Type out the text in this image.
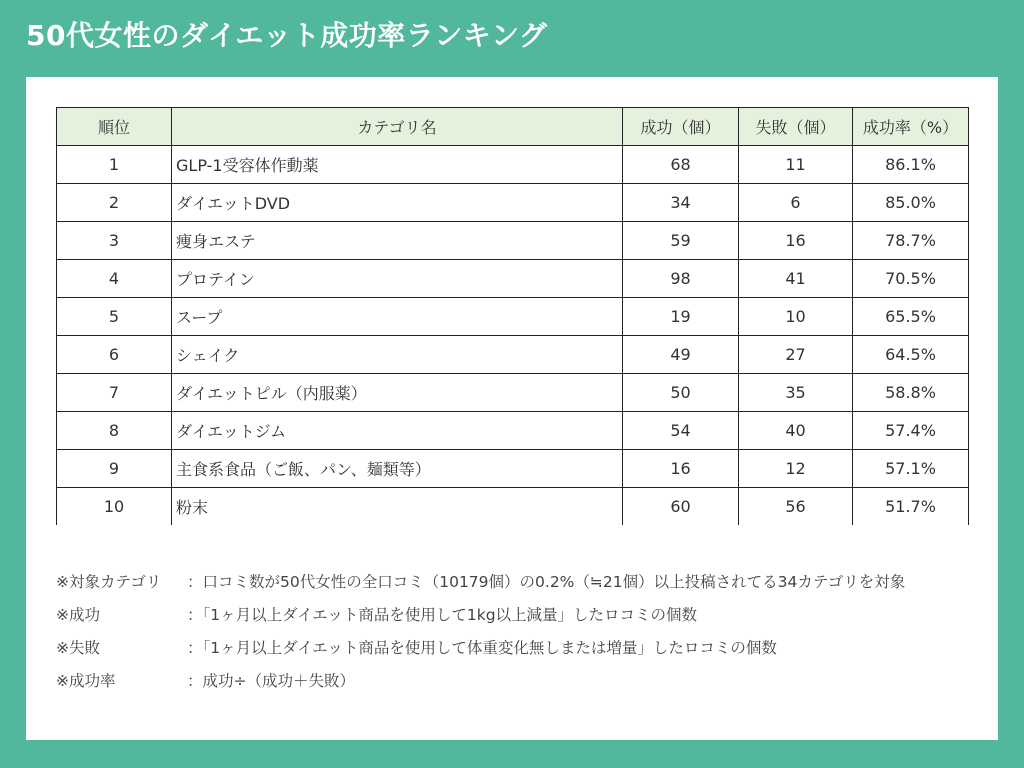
50代女性のダイエット成功率ランキング
順位	カテゴリ名	成功（個）	失敗（個）	成功率（%）
1	GLP-1受容体作動薬	68	11	86.1%
2	ダイエットDVD	34	6	85.0%
3	痩身エステ	59	16	78.7%
4	プロテイン	98	41	70.5%
5	スープ	19	10	65.5%
6	シェイク	49	27	64.5%
7	ダイエットピル（内服薬）	50	35	58.8%
8	ダイエットジム	54	40	57.4%
9	主食系食品（ご飯、パン、麺類等）	16	12	57.1%
10	粉末	60	56	51.7%
※対象カテゴリ	：口コミ数が50代女性の全口コミ（10179個）の0.2%（≒21個）以上投稿されてる34カテゴリを対象
※成功	：「1ヶ月以上ダイエット商品を使用して1kg以上減量」したロコミの個数
※失敗	：「1ヶ月以上ダイエット商品を使用して体重変化無しまたは増量」したロコミの個数
※成功率	：成功÷（成功＋失敗）
